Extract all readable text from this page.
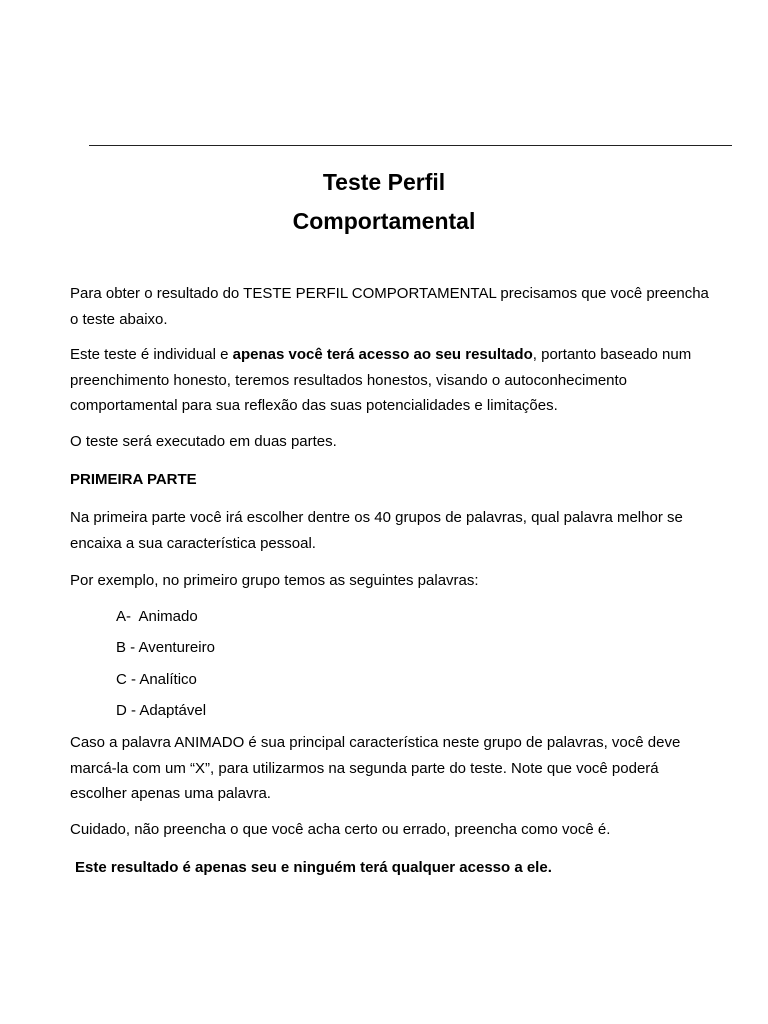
Teste Perfil
Comportamental

Para obter o resultado do TESTE PERFIL COMPORTAMENTAL precisamos que você preencha o teste abaixo.

Este teste é individual e apenas você terá acesso ao seu resultado, portanto baseado num preenchimento honesto, teremos resultados honestos, visando o autoconhecimento comportamental para sua reflexão das suas potencialidades e limitações.

O teste será executado em duas partes.

PRIMEIRA PARTE

Na primeira parte você irá escolher dentre os 40 grupos de palavras, qual palavra melhor se encaixa a sua característica pessoal.

Por exemplo, no primeiro grupo temos as seguintes palavras:

A-  Animado

B - Aventureiro

C - Analítico

D - Adaptável

Caso a palavra ANIMADO é sua principal característica neste grupo de palavras, você deve marcá-la com um “X”, para utilizarmos na segunda parte do teste. Note que você poderá escolher apenas uma palavra.

Cuidado, não preencha o que você acha certo ou errado, preencha como você é.

Este resultado é apenas seu e ninguém terá qualquer acesso a ele.
